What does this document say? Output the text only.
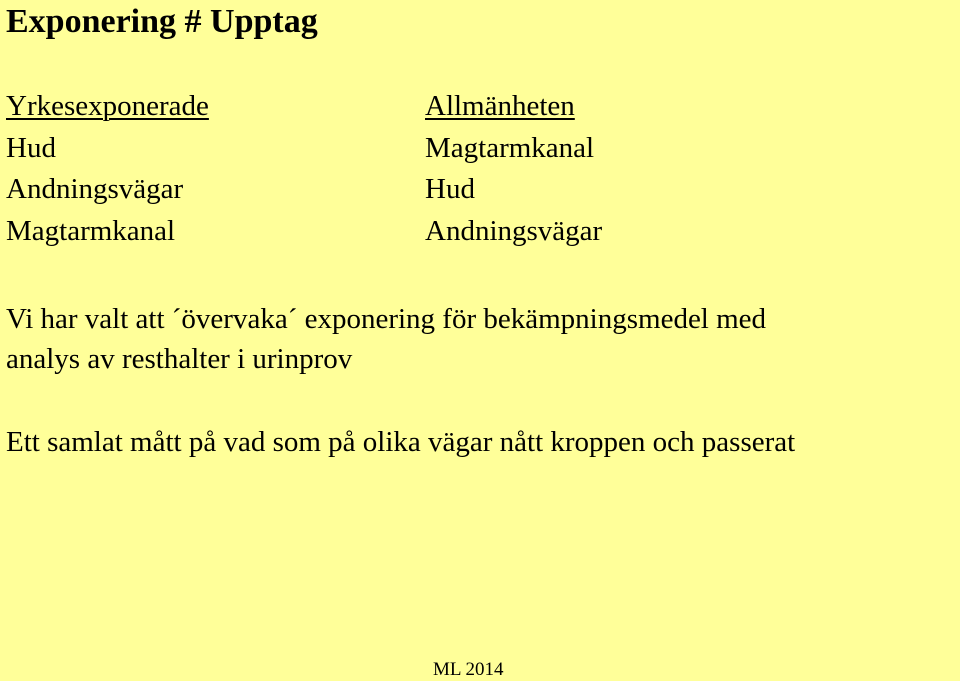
Exponering # Upptag
Yrkesexponerade
Hud
Andningsvägar
Magtarmkanal
Allmänheten
Magtarmkanal
Hud
Andningsvägar
Vi har valt att ´övervaka´ exponering för bekämpningsmedel med
analys av resthalter i urinprov
Ett samlat mått på vad som på olika vägar nått kroppen och passerat
ML 2014
